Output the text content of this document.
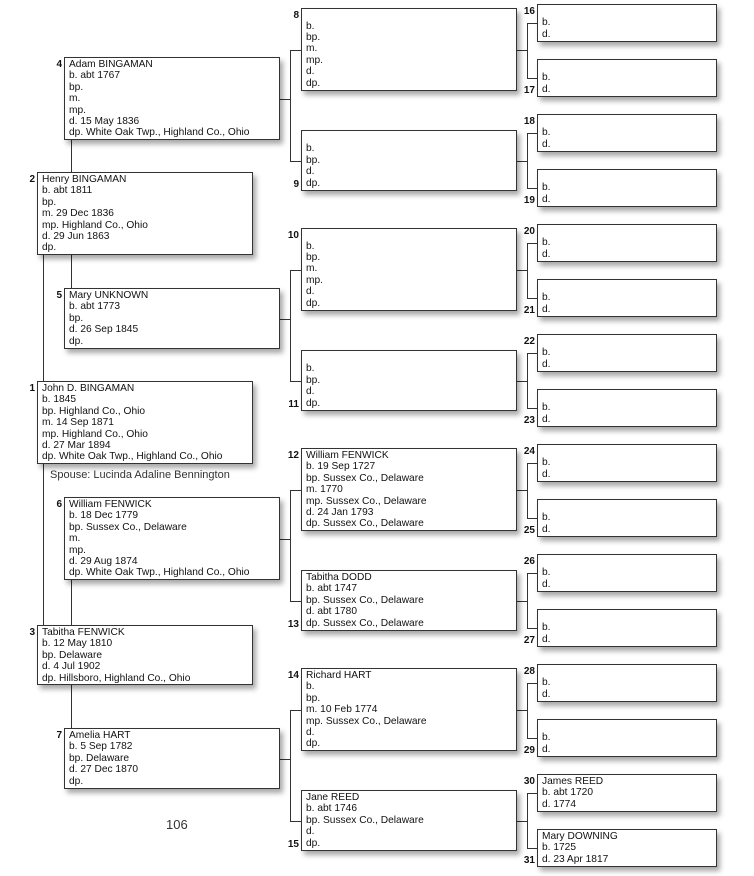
John D. BINGAMAN
b. 1845
bp. Highland Co., Ohio
m. 14 Sep 1871
mp. Highland Co., Ohio
d. 27 Mar 1894
dp. White Oak Twp., Highland Co., Ohio
1
Henry BINGAMAN
b. abt 1811
bp.
m. 29 Dec 1836
mp. Highland Co., Ohio
d. 29 Jun 1863
dp.
2
Tabitha FENWICK
b. 12 May 1810
bp. Delaware
d. 4 Jul 1902
dp. Hillsboro, Highland Co., Ohio
3
Adam BINGAMAN
b. abt 1767
bp.
m.
mp.
d. 15 May 1836
dp. White Oak Twp., Highland Co., Ohio
4
Mary UNKNOWN
b. abt 1773
bp.
d. 26 Sep 1845
dp.
5
William FENWICK
b. 18 Dec 1779
bp. Sussex Co., Delaware
m.
mp.
d. 29 Aug 1874
dp. White Oak Twp., Highland Co., Ohio
6
Amelia HART
b. 5 Sep 1782
bp. Delaware
d. 27 Dec 1870
dp.
7
b.
bp.
m.
mp.
d.
dp.
8
b.
bp.
d.
dp.
9
b.
bp.
m.
mp.
d.
dp.
10
b.
bp.
d.
dp.
11
William FENWICK
b. 19 Sep 1727
bp. Sussex Co., Delaware
m. 1770
mp. Sussex Co., Delaware
d. 24 Jan 1793
dp. Sussex Co., Delaware
12
Tabitha DODD
b. abt 1747
bp. Sussex Co., Delaware
d. abt 1780
dp. Sussex Co., Delaware
13
Richard HART
b.
bp.
m. 10 Feb 1774
mp. Sussex Co., Delaware
d.
dp.
14
Jane REED
b. abt 1746
bp. Sussex Co., Delaware
d.
dp.
15
b.
d.
16
b.
d.
17
b.
d.
18
b.
d.
19
b.
d.
20
b.
d.
21
b.
d.
22
b.
d.
23
b.
d.
24
b.
d.
25
b.
d.
26
b.
d.
27
b.
d.
28
b.
d.
29
James REED
b. abt 1720
d. 1774
30
Mary DOWNING
b. 1725
d. 23 Apr 1817
31
Spouse: Lucinda Adaline Bennington
106
